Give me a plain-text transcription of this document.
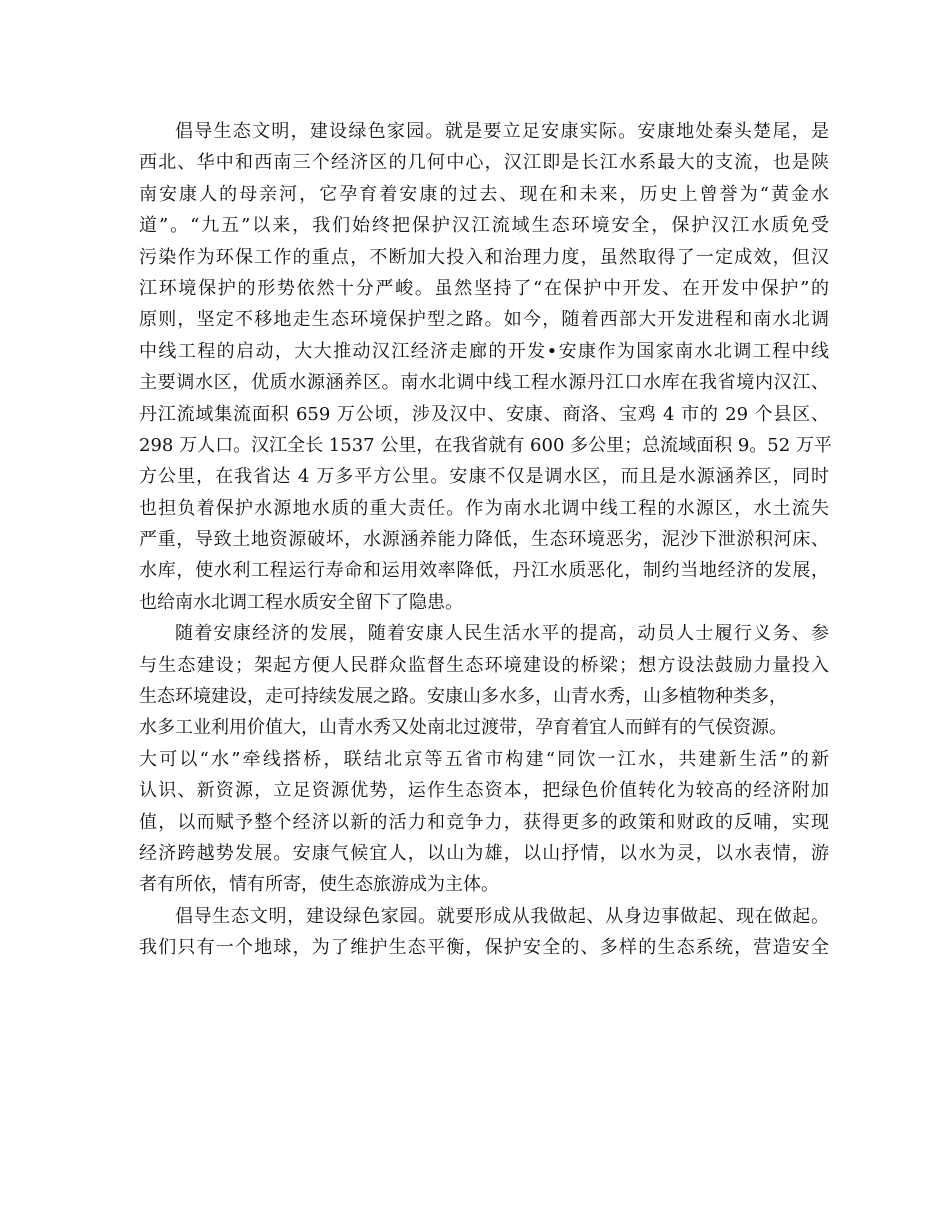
倡导生态文明，建设绿色家园。就是要立足安康实际。安康地处秦头楚尾，是
西北、华中和西南三个经济区的几何中心，汉江即是长江水系最大的支流，也是陕
南安康人的母亲河，它孕育着安康的过去、现在和未来，历史上曾誉为“黄金水
道”。“九五”以来，我们始终把保护汉江流域生态环境安全，保护汉江水质免受
污染作为环保工作的重点，不断加大投入和治理力度，虽然取得了一定成效，但汉
江环境保护的形势依然十分严峻。虽然坚持了“在保护中开发、在开发中保护”的
原则，坚定不移地走生态环境保护型之路。如今，随着西部大开发进程和南水北调
中线工程的启动，大大推动汉江经济走廊的开发•安康作为国家南水北调工程中线
主要调水区，优质水源涵养区。南水北调中线工程水源丹江口水库在我省境内汉江、
丹江流域集流面积 659 万公顷，涉及汉中、安康、商洛、宝鸡 4 市的 29 个县区、
298 万人口。汉江全长 1537 公里，在我省就有 600 多公里；总流域面积 9。52 万平
方公里，在我省达 4 万多平方公里。安康不仅是调水区，而且是水源涵养区，同时
也担负着保护水源地水质的重大责任。作为南水北调中线工程的水源区，水土流失
严重，导致土地资源破坏，水源涵养能力降低，生态环境恶劣，泥沙下泄淤积河床、
水库，使水利工程运行寿命和运用效率降低，丹江水质恶化，制约当地经济的发展，
也给南水北调工程水质安全留下了隐患。
随着安康经济的发展，随着安康人民生活水平的提高，动员人士履行义务、参
与生态建设；架起方便人民群众监督生态环境建设的桥梁；想方设法鼓励力量投入
生态环境建设，走可持续发展之路。安康山多水多，山青水秀，山多植物种类多，
水多工业利用价值大，山青水秀又处南北过渡带，孕育着宜人而鲜有的气侯资源。
大可以“水”牵线搭桥，联结北京等五省市构建“同饮一江水，共建新生活”的新
认识、新资源，立足资源优势，运作生态资本，把绿色价值转化为较高的经济附加
值，以而赋予整个经济以新的活力和竞争力，获得更多的政策和财政的反哺，实现
经济跨越势发展。安康气候宜人，以山为雄，以山抒情，以水为灵，以水表情，游
者有所依，情有所寄，使生态旅游成为主体。
倡导生态文明，建设绿色家园。就要形成从我做起、从身边事做起、现在做起。
我们只有一个地球，为了维护生态平衡，保护安全的、多样的生态系统，营造安全
